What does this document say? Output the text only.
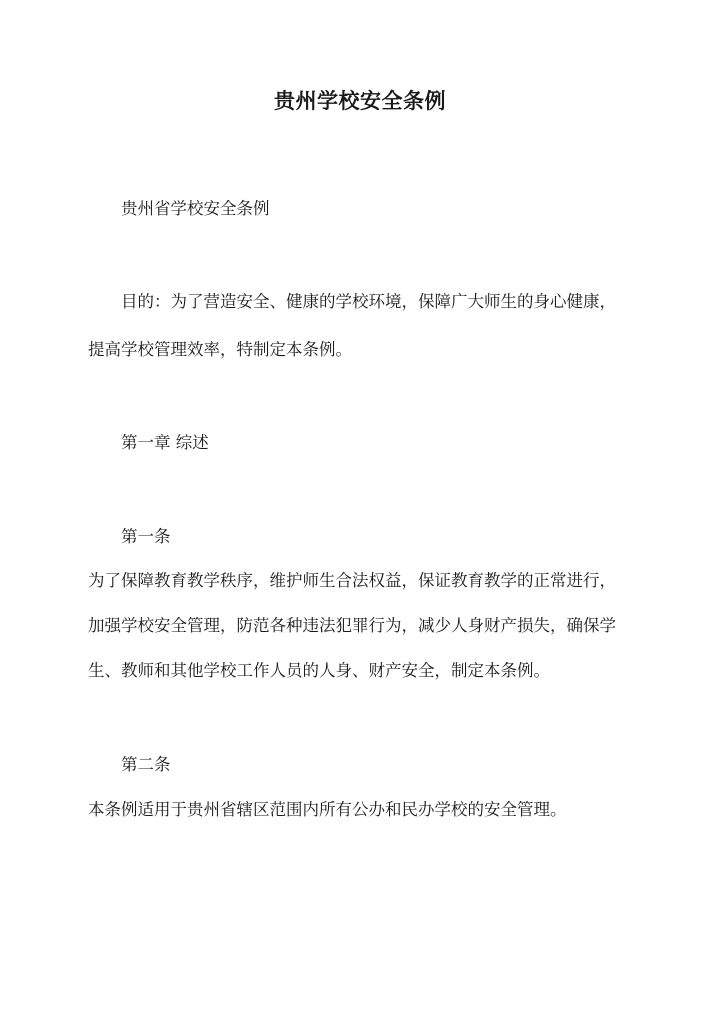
贵州学校安全条例
贵州省学校安全条例
目的：为了营造安全、健康的学校环境，保障广大师生的身心健康，
提高学校管理效率，特制定本条例。
第一章 综述
第一条
为了保障教育教学秩序，维护师生合法权益，保证教育教学的正常进行，
加强学校安全管理，防范各种违法犯罪行为，减少人身财产损失，确保学
生、教师和其他学校工作人员的人身、财产安全，制定本条例。
第二条
本条例适用于贵州省辖区范围内所有公办和民办学校的安全管理。
